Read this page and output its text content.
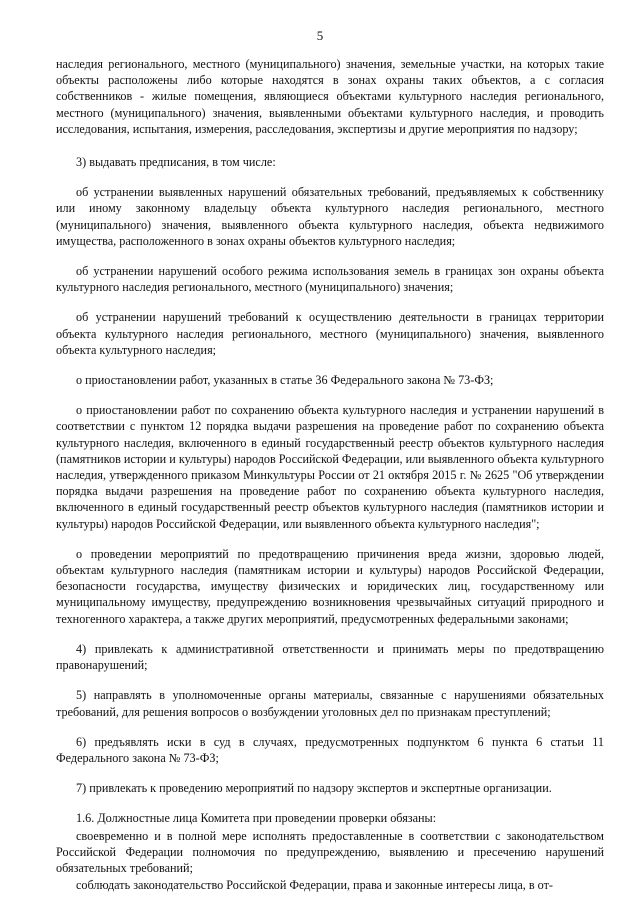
5

наследия регионального, местного (муниципального) значения, земельные участки, на которых такие объекты расположены либо которые находятся в зонах охраны таких объектов, а с согласия собственников - жилые помещения, являющиеся объектами культурного наследия регионального, местного (муниципального) значения, выявленными объектами культурного наследия, и проводить исследования, испытания, измерения, расследования, экспертизы и другие мероприятия по надзору;

3) выдавать предписания, в том числе:

об устранении выявленных нарушений обязательных требований, предъявляемых к собственнику или иному законному владельцу объекта культурного наследия регионального, местного (муниципального) значения, выявленного объекта культурного наследия, объекта недвижимого имущества, расположенного в зонах охраны объектов культурного наследия;

об устранении нарушений особого режима использования земель в границах зон охраны объекта культурного наследия регионального, местного (муниципального) значения;

об устранении нарушений требований к осуществлению деятельности в границах территории объекта культурного наследия регионального, местного (муниципального) значения, выявленного объекта культурного наследия;

о приостановлении работ, указанных в статье 36 Федерального закона № 73-ФЗ;

о приостановлении работ по сохранению объекта культурного наследия и устранении нарушений в соответствии с пунктом 12 порядка выдачи разрешения на проведение работ по сохранению объекта культурного наследия, включенного в единый государственный реестр объектов культурного наследия (памятников истории и культуры) народов Российской Федерации, или выявленного объекта культурного наследия, утвержденного приказом Минкультуры России от 21 октября 2015 г. № 2625 "Об утверждении порядка выдачи разрешения на проведение работ по сохранению объекта культурного наследия, включенного в единый государственный реестр объектов культурного наследия (памятников истории и культуры) народов Российской Федерации, или выявленного объекта культурного наследия";

о проведении мероприятий по предотвращению причинения вреда жизни, здоровью людей, объектам культурного наследия (памятникам истории и культуры) народов Российской Федерации, безопасности государства, имуществу физических и юридических лиц, государственному или муниципальному имуществу, предупреждению возникновения чрезвычайных ситуаций природного и техногенного характера, а также других мероприятий, предусмотренных федеральными законами;

4) привлекать к административной ответственности и принимать меры по предотвращению правонарушений;

5) направлять в уполномоченные органы материалы, связанные с нарушениями обязательных требований, для решения вопросов о возбуждении уголовных дел по признакам преступлений;

6) предъявлять иски в суд в случаях, предусмотренных подпунктом 6 пункта 6 статьи 11 Федерального закона № 73-ФЗ;

7) привлекать к проведению мероприятий по надзору экспертов и экспертные организации.

1.6. Должностные лица Комитета при проведении проверки обязаны:

своевременно и в полной мере исполнять предоставленные в соответствии с законодательством Российской Федерации полномочия по предупреждению, выявлению и пресечению нарушений обязательных требований;

соблюдать законодательство Российской Федерации, права и законные интересы лица, в от-
